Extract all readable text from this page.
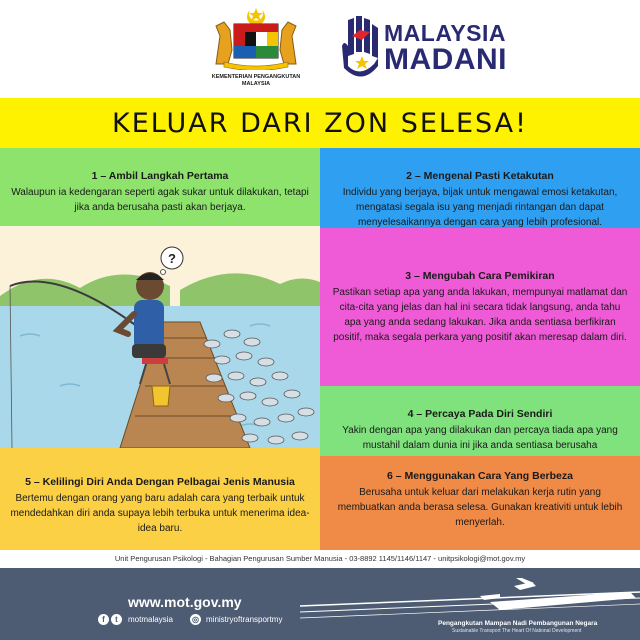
KEMENTERIAN PENGANGKUTAN MALAYSIA
MALAYSIA
MADANI
KELUAR DARI ZON SELESA!
1 – Ambil Langkah Pertama

Walaupun ia kedengaran seperti agak sukar untuk dilakukan, tetapi jika anda berusaha pasti akan berjaya.

2 – Mengenal Pasti Ketakutan

Individu yang berjaya, bijak untuk mengawal emosi ketakutan, mengatasi segala isu yang menjadi rintangan dan dapat menyelesaikannya dengan cara yang lebih profesional.

3 – Mengubah Cara Pemikiran

Pastikan setiap apa yang anda lakukan, mempunyai matlamat dan cita-cita yang jelas dan hal ini secara tidak langsung, anda tahu apa yang anda sedang lakukan. Jika anda sentiasa berfikiran positif, maka segala perkara yang positif akan meresap dalam diri.

4 – Percaya Pada Diri Sendiri

Yakin dengan apa yang dilakukan dan percaya tiada apa yang mustahil dalam dunia ini jika anda sentiasa berusaha

5 – Kelilingi Diri Anda Dengan Pelbagai Jenis Manusia

Bertemu dengan orang yang baru adalah cara yang terbaik untuk mendedahkan diri anda supaya lebih terbuka untuk menerima idea-idea baru.

6 – Menggunakan Cara Yang Berbeza

Berusaha untuk keluar dari melakukan kerja rutin yang membuatkan anda berasa selesa. Gunakan kreativiti untuk lebih menyerlah.

?
Unit Pengurusan Psikologi - Bahagian Pengurusan Sumber Manusia - 03-8892 1145/1146/1147 - unitpsikologi@mot.gov.my
www.mot.gov.my
f	t	motmalaysia ◎ ministryoftransportmy	Pengangkutan Mampan Nadi Pembangunan Negara
Sustainable Transport The Heart Of National Development
